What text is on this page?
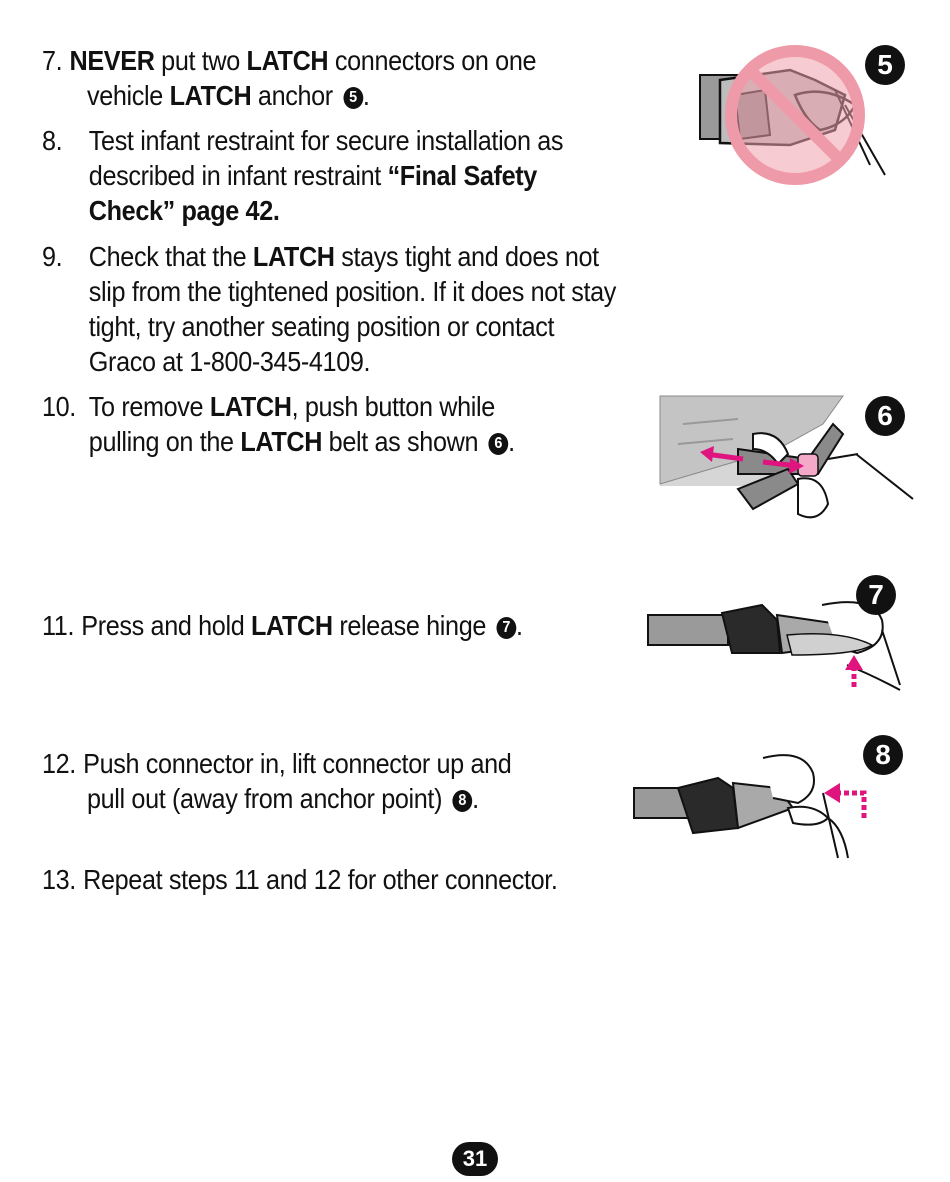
7. NEVER put two LATCH connectors on one
vehicle LATCH anchor 5 .
8. Test infant restraint for secure installation as
described in infant restraint “Final Safety
Check” page 42.
9. Check that the LATCH stays tight and does not
slip from the tightened position. If it does not stay
tight, try another seating position or contact
Graco at 1-800-345-4109.
10. To remove LATCH, push button while
pulling on the LATCH belt as shown 6 .
11. Press and hold LATCH release hinge 7 .
12. Push connector in, lift connector up and
pull out (away from anchor point) 8 .
13. Repeat steps 11 and 12 for other connector.
5
6
7
8
31
